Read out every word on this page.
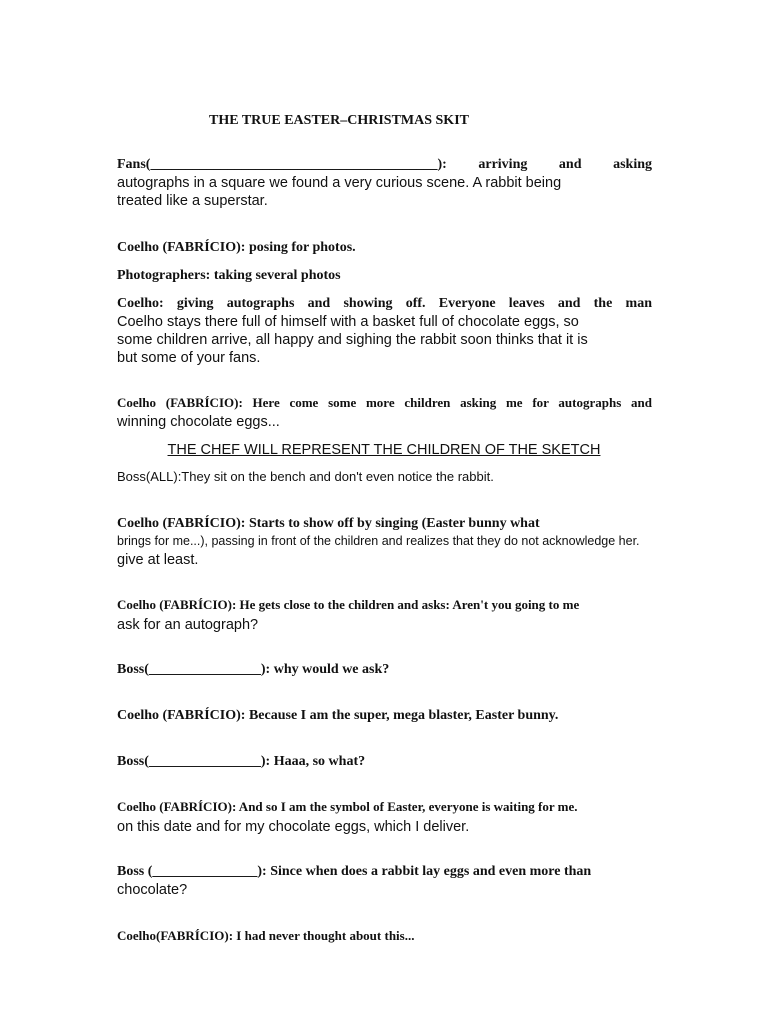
THE TRUE EASTER–CHRISTMAS SKIT
Fans(_________________________________________): arriving and asking
autographs in a square we found a very curious scene. A rabbit being
treated like a superstar.
Coelho (FABRÍCIO): posing for photos.
Photographers: taking several photos
Coelho: giving autographs and showing off. Everyone leaves and the man
Coelho stays there full of himself with a basket full of chocolate eggs, so
some children arrive, all happy and sighing the rabbit soon thinks that it is
but some of your fans.
Coelho (FABRÍCIO): Here come some more children asking me for autographs and
winning chocolate eggs...
THE CHEF WILL REPRESENT THE CHILDREN OF THE SKETCH
Boss(ALL):They sit on the bench and don't even notice the rabbit.
Coelho (FABRÍCIO): Starts to show off by singing (Easter bunny what
brings for me...), passing in front of the children and realizes that they do not acknowledge her.
give at least.
Coelho (FABRÍCIO): He gets close to the children and asks: Aren't you going to me
ask for an autograph?
Boss(________________): why would we ask?
Coelho (FABRÍCIO): Because I am the super, mega blaster, Easter bunny.
Boss(________________): Haaa, so what?
Coelho (FABRÍCIO): And so I am the symbol of Easter, everyone is waiting for me.
on this date and for my chocolate eggs, which I deliver.
Boss (_______________): Since when does a rabbit lay eggs and even more than
chocolate?
Coelho(FABRÍCIO): I had never thought about this...
